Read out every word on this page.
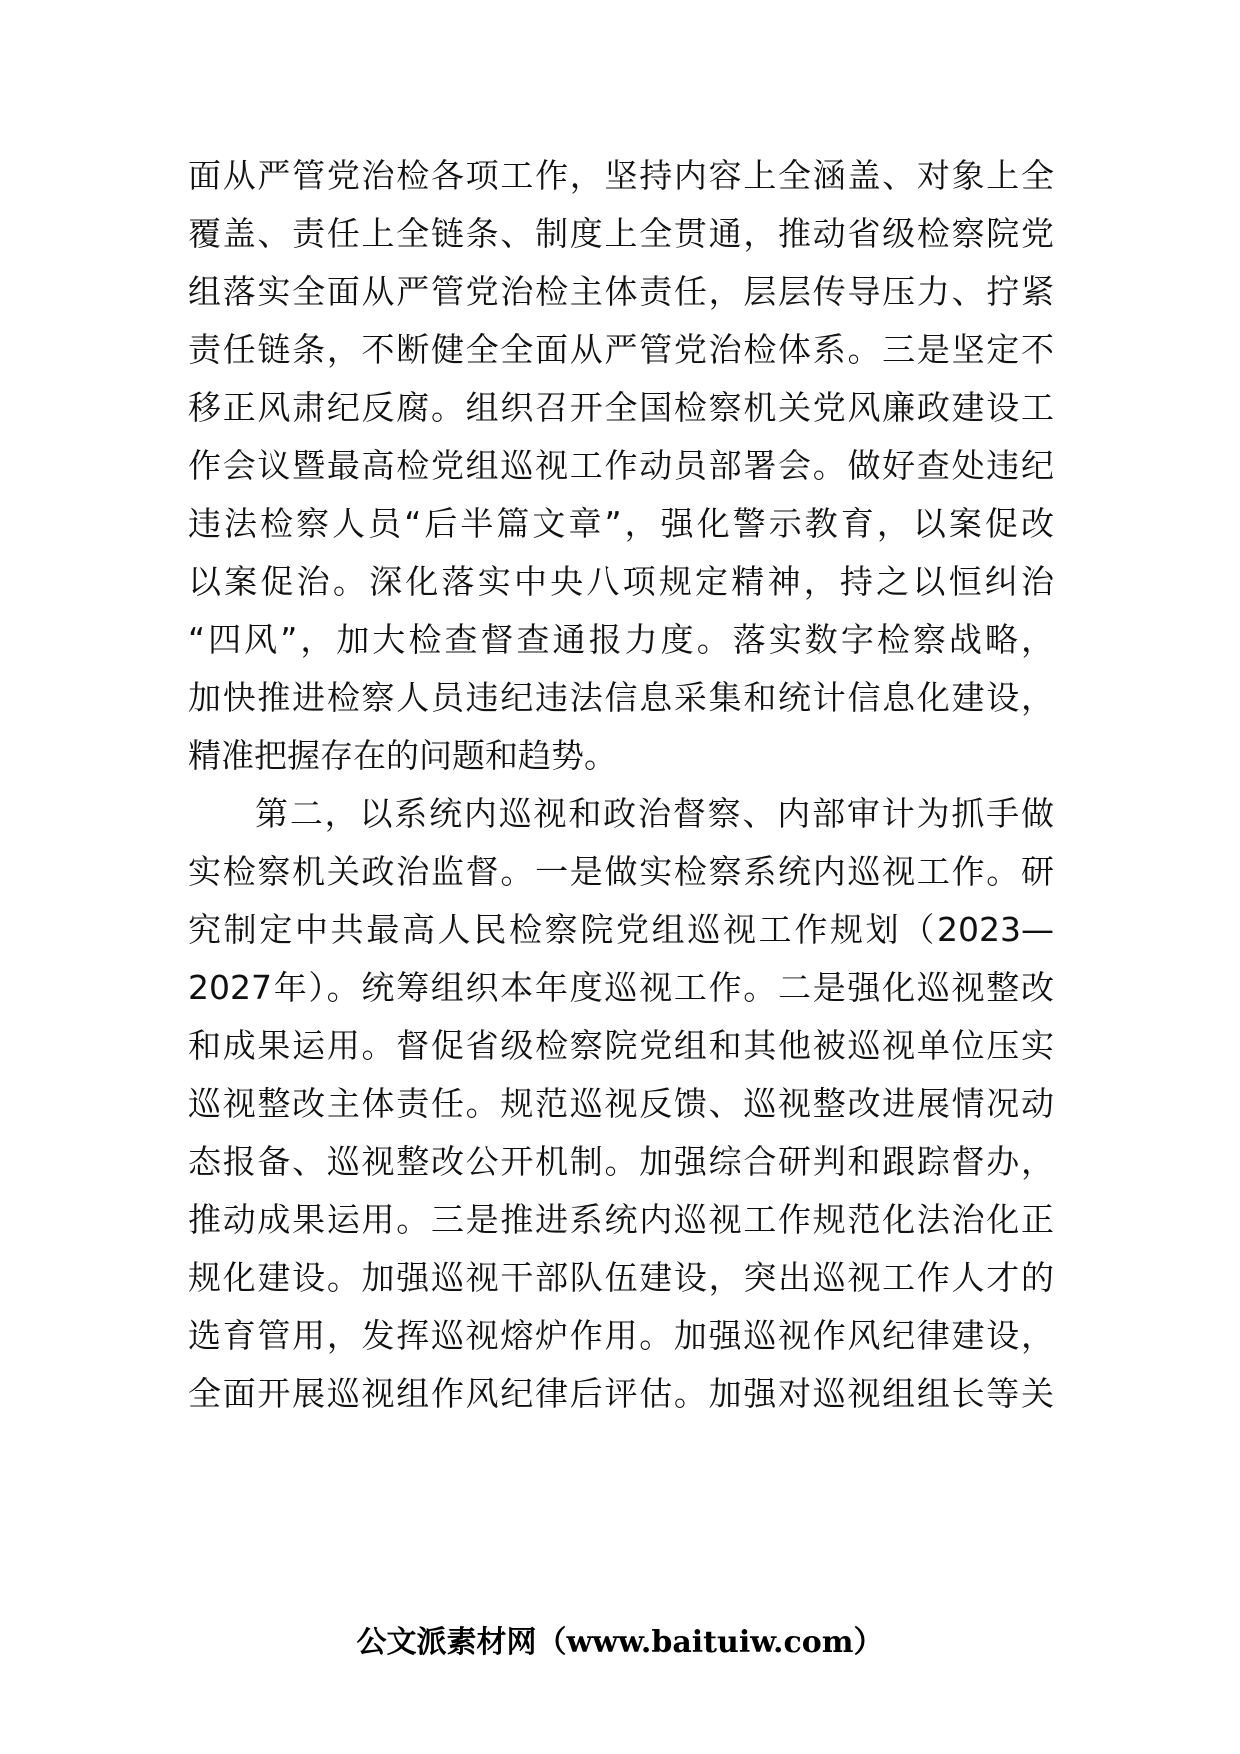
面从严管党治检各项工作，坚持内容上全涵盖、对象上全
覆盖、责任上全链条、制度上全贯通，推动省级检察院党
组落实全面从严管党治检主体责任，层层传导压力、拧紧
责任链条，不断健全全面从严管党治检体系。三是坚定不
移正风肃纪反腐。组织召开全国检察机关党风廉政建设工
作会议暨最高检党组巡视工作动员部署会。做好查处违纪
违法检察人员“后半篇文章”，强化警示教育，以案促改
以案促治。深化落实中央八项规定精神，持之以恒纠治
“四风”，加大检查督查通报力度。落实数字检察战略，
加快推进检察人员违纪违法信息采集和统计信息化建设，
精准把握存在的问题和趋势。
第二，以系统内巡视和政治督察、内部审计为抓手做
实检察机关政治监督。一是做实检察系统内巡视工作。研
究制定中共最高人民检察院党组巡视工作规划（2023—
2027年）。统筹组织本年度巡视工作。二是强化巡视整改
和成果运用。督促省级检察院党组和其他被巡视单位压实
巡视整改主体责任。规范巡视反馈、巡视整改进展情况动
态报备、巡视整改公开机制。加强综合研判和跟踪督办，
推动成果运用。三是推进系统内巡视工作规范化法治化正
规化建设。加强巡视干部队伍建设，突出巡视工作人才的
选育管用，发挥巡视熔炉作用。加强巡视作风纪律建设，
全面开展巡视组作风纪律后评估。加强对巡视组组长等关
公文派素材网（www.baituiw.com）
